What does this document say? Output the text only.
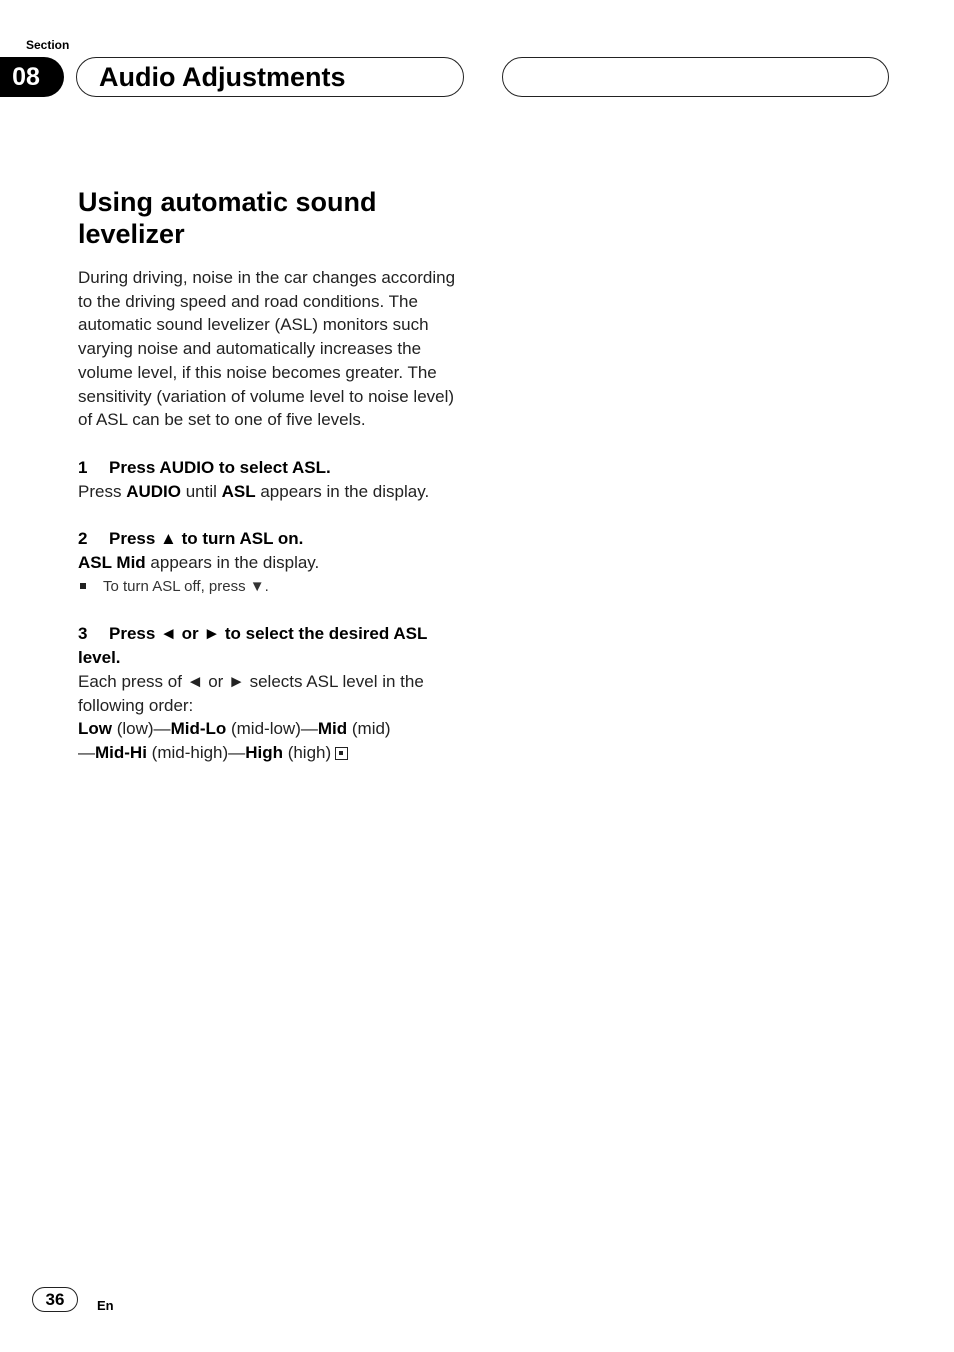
Section
08	Audio Adjustments
Using automatic sound levelizer

During driving, noise in the car changes according to the driving speed and road conditions. The automatic sound levelizer (ASL) monitors such varying noise and automatically increases the volume level, if this noise becomes greater. The sensitivity (variation of volume level to noise level) of ASL can be set to one of five levels.

1 Press AUDIO to select ASL.

Press AUDIO until ASL appears in the display.

2 Press ▲ to turn ASL on.

ASL Mid appears in the display.

To turn ASL off, press ▼.
3 Press ◄ or ► to select the desired ASL level.

Each press of ◄ or ► selects ASL level in the following order:

Low (low)—Mid-Lo (mid-low)—Mid (mid)
—Mid-Hi (mid-high)—High (high)

36	En
